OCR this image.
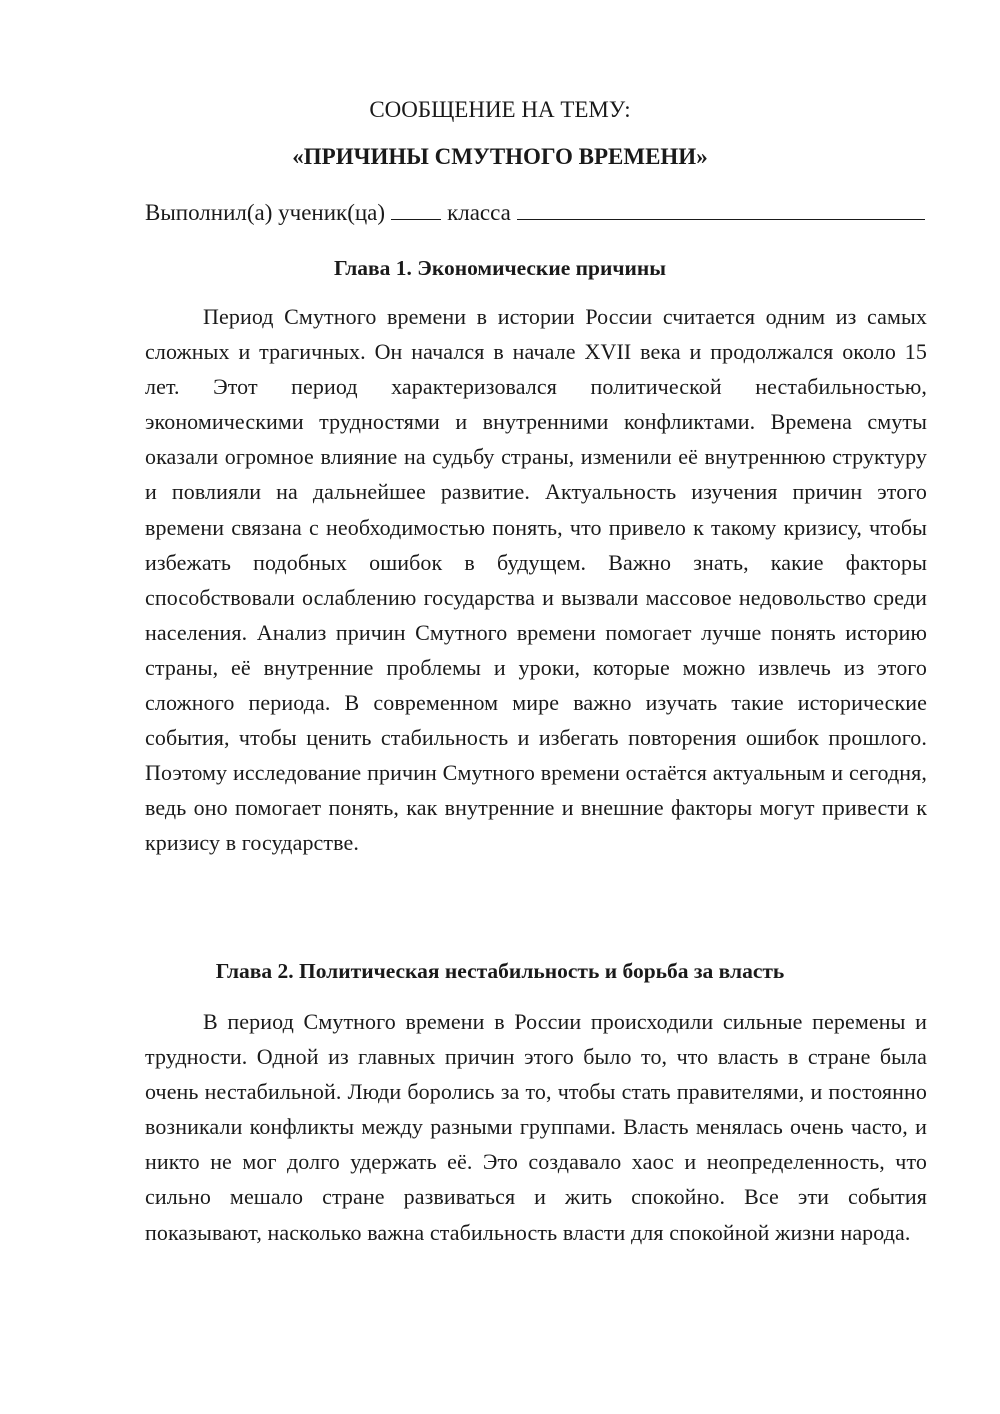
СООБЩЕНИЕ НА ТЕМУ:
«ПРИЧИНЫ СМУТНОГО ВРЕМЕНИ»
Выполнил(а) ученик(ца)	класса
Глава 1. Экономические причины

Период Смутного времени в истории России считается одним из самых сложных и трагичных. Он начался в начале XVII века и продолжался около 15 лет. Этот период характеризовался политической нестабильностью, экономическими трудностями и внутренними конфликтами. Времена смуты оказали огромное влияние на судьбу страны, изменили её внутреннюю структуру и повлияли на дальнейшее развитие. Актуальность изучения причин этого времени связана с необходимостью понять, что привело к такому кризису, чтобы избежать подобных ошибок в будущем. Важно знать, какие факторы способствовали ослаблению государства и вызвали массовое недовольство среди населения. Анализ причин Смутного времени помогает лучше понять историю страны, её внутренние проблемы и уроки, которые можно извлечь из этого сложного периода. В современном мире важно изучать такие исторические события, чтобы ценить стабильность и избегать повторения ошибок прошлого. Поэтому исследование причин Смутного времени остаётся актуальным и сегодня, ведь оно помогает понять, как внутренние и внешние факторы могут привести к кризису в государстве.

Глава 2. Политическая нестабильность и борьба за власть

В период Смутного времени в России происходили сильные перемены и трудности. Одной из главных причин этого было то, что власть в стране была очень нестабильной. Люди боролись за то, чтобы стать правителями, и постоянно возникали конфликты между разными группами. Власть менялась очень часто, и никто не мог долго удержать её. Это создавало хаос и неопределенность, что сильно мешало стране развиваться и жить спокойно. Все эти события показывают, насколько важна стабильность власти для спокойной жизни народа.
